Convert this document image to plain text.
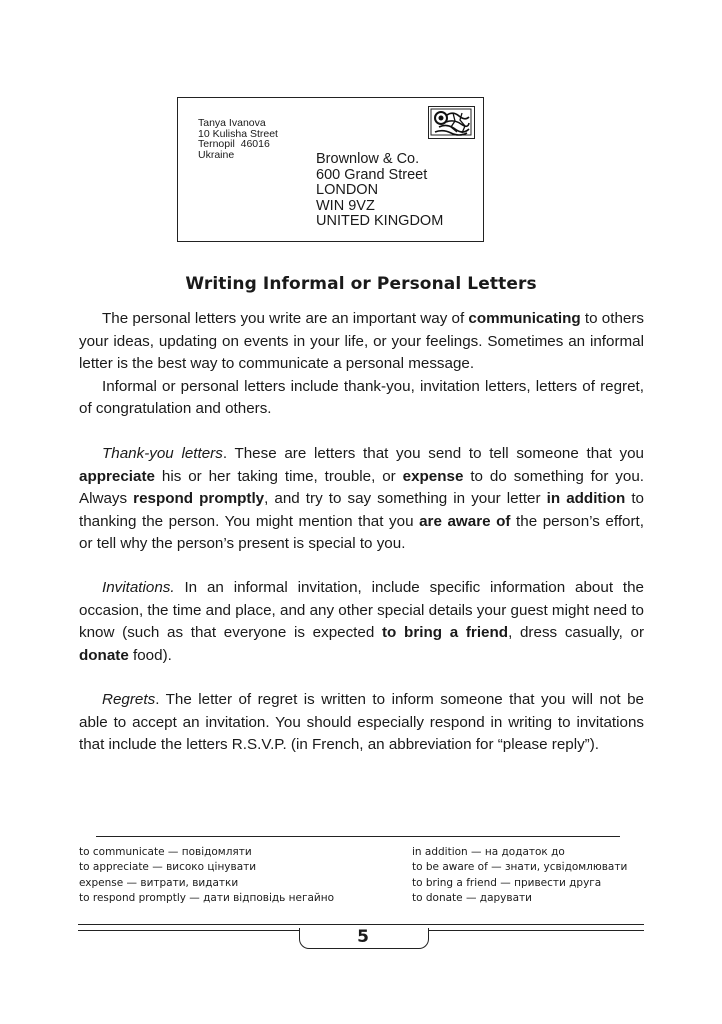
Tanya Ivanova
10 Kulisha Street
Ternopil  46016
Ukraine	Brownlow & Co.
600 Grand Street
LONDON
WIN 9VZ
UNITED KINGDOM
Writing Informal or Personal Letters

The personal letters you write are an important way of communicating to others your ideas, updating on events in your life, or your feelings. Sometimes an informal letter is the best way to communicate a personal message.

Informal or personal letters include thank-you, invitation letters, letters of regret, of congratulation and others.

Thank-you letters. These are letters that you send to tell someone that you appreciate his or her taking time, trouble, or expense to do something for you. Always respond promptly, and try to say something in your letter in addition to thanking the person. You might mention that you are aware of the person’s effort, or tell why the person’s present is special to you.

Invitations. In an informal invitation, include specific information about the occasion, the time and place, and any other special details your guest might need to know (such as that everyone is expected to bring a friend, dress casually, or donate food).

Regrets. The letter of regret is written to inform someone that you will not be able to accept an invitation. You should especially respond in writing to invitations that include the letters R.S.V.P. (in French, an abbreviation for “please reply”).

to communicate — повідомляти
to appreciate — високо цінувати
expense — витрати, видатки
to respond promptly — дати відповідь негайно
in addition — на додаток до
to be aware of — знати, усвідомлювати
to bring a friend — привести друга
to donate — дарувати
5
